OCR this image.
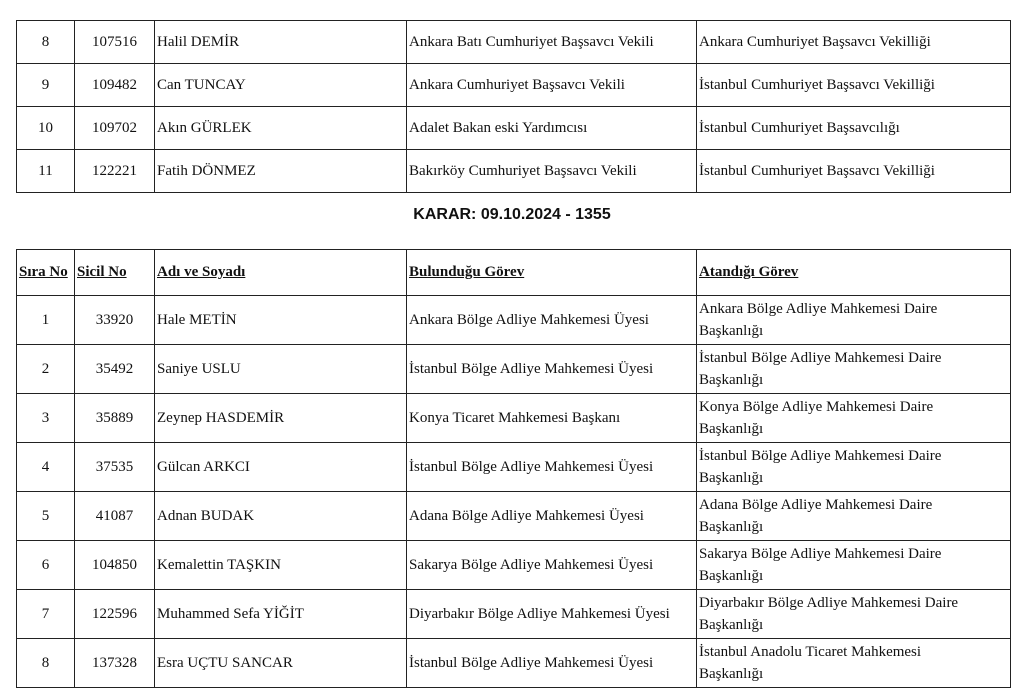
8	107516	Halil DEMİR	Ankara Batı Cumhuriyet Başsavcı Vekili	Ankara Cumhuriyet Başsavcı Vekilliği
9	109482	Can TUNCAY	Ankara Cumhuriyet Başsavcı Vekili	İstanbul Cumhuriyet Başsavcı Vekilliği
10	109702	Akın GÜRLEK	Adalet Bakan eski Yardımcısı	İstanbul Cumhuriyet Başsavcılığı
11	122221	Fatih DÖNMEZ	Bakırköy Cumhuriyet Başsavcı Vekili	İstanbul Cumhuriyet Başsavcı Vekilliği
KARAR: 09.10.2024 - 1355
Sıra No	Sicil No	Adı ve Soyadı	Bulunduğu Görev	Atandığı Görev
1	33920	Hale METİN	Ankara Bölge Adliye Mahkemesi Üyesi	Ankara Bölge Adliye Mahkemesi Daire
Başkanlığı
2	35492	Saniye USLU	İstanbul Bölge Adliye Mahkemesi Üyesi	İstanbul Bölge Adliye Mahkemesi Daire
Başkanlığı
3	35889	Zeynep HASDEMİR	Konya Ticaret Mahkemesi Başkanı	Konya Bölge Adliye Mahkemesi Daire
Başkanlığı
4	37535	Gülcan ARKCI	İstanbul Bölge Adliye Mahkemesi Üyesi	İstanbul Bölge Adliye Mahkemesi Daire
Başkanlığı
5	41087	Adnan BUDAK	Adana Bölge Adliye Mahkemesi Üyesi	Adana Bölge Adliye Mahkemesi Daire
Başkanlığı
6	104850	Kemalettin TAŞKIN	Sakarya Bölge Adliye Mahkemesi Üyesi	Sakarya Bölge Adliye Mahkemesi Daire
Başkanlığı
7	122596	Muhammed Sefa YİĞİT	Diyarbakır Bölge Adliye Mahkemesi Üyesi	Diyarbakır Bölge Adliye Mahkemesi Daire
Başkanlığı
8	137328	Esra UÇTU SANCAR	İstanbul Bölge Adliye Mahkemesi Üyesi	İstanbul Anadolu Ticaret Mahkemesi
Başkanlığı
